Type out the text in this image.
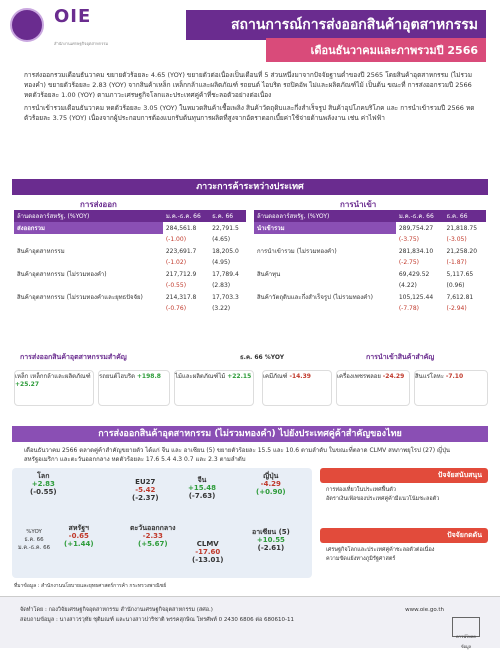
OIE
สำนักงานเศรษฐกิจอุตสาหกรรม
สถานการณ์การส่งออกสินค้าอุตสาหกรรม
เดือนธันวาคมและภาพรวมปี 2566

การส่งออกรวมเดือนธันวาคม ขยายตัวร้อยละ 4.65 (YOY) ขยายตัวต่อเนื่องเป็นเดือนที่ 5 ส่วนหนึ่งมาจากปัจจัยฐานต่ำของปี 2565 โดยสินค้าอุตสาหกรรม (ไม่รวมทองคำ) ขยายตัวร้อยละ 2.83 (YOY) จากสินค้าเหล็ก เหล็กกล้าและผลิตภัณฑ์ รถยนต์ ไอบริด รถปิคอัพ ไม่และผลิตภัณฑ์ไม้ เป็นต้น ขณะที่ การส่งออกรวมปี 2566 หดตัวร้อยละ 1.00 (YOY) ตามภาวะเศรษฐกิจโลกและประเทศคู่ค้าที่ชะลอตัวอย่างต่อเนื่อง

การนำเข้ารวมเดือนธันวาคม หดตัวร้อยละ 3.05 (YOY) ในหมวดสินค้าเชื้อเพลิง สินค้าวัตถุดิบและกึ่งสำเร็จรูป สินค้าอุปโภคบริโภค และ การนำเข้ารวมปี 2566 หดตัวร้อยละ 3.75 (YOY) เนื่องจากผู้ประกอบการต้องแบกรับต้นทุนการผลิตที่สูงจากอัตราดอกเบี้ยค่าใช้จ่ายด้านพลังงาน เช่น ค่าไฟฟ้า

ภาวะการค้าระหว่างประเทศ
การส่งออก
ล้านดอลลาร์สหรัฐ, (%YOY)	ม.ค.-ธ.ค. 66	ธ.ค. 66
ส่งออกรวม	284,561.8	22,791.5
	(-1.00)	(4.65)
สินค้าอุตสาหกรรม	223,691.7	18,205.0
	(-1.02)	(4.95)
สินค้าอุตสาหกรรม (ไม่รวมทองคำ)	217,712.9	17,789.4
	(-0.55)	(2.83)
สินค้าอุตสาหกรรม (ไม่รวมทองคำและยุทธปัจจัย)	214,317.8	17,703.3
	(-0.76)	(3.22)
การนำเข้า
ล้านดอลลาร์สหรัฐ, (%YOY)	ม.ค.-ธ.ค. 66	ธ.ค. 66
นำเข้ารวม	289,754.27	21,818.75
	(-3.75)	(-3.05)
การนำเข้ารวม (ไม่รวมทองคำ)	281,834.10	21,258.20
	(-2.75)	(-1.87)
สินค้าทุน	69,429.52	5,117.65
	(4.22)	(0.96)
สินค้าวัตถุดิบและกึ่งสำเร็จรูป (ไม่รวมทองคำ)	105,125.44	7,612.81
	(-7.78)	(-2.94)
การส่งออกสินค้าอุตสาหกรรมสำคัญ	ธ.ค. 66 %YOY	การนำเข้าสินค้าสำคัญ
เหล็ก เหล็กกล้าและผลิตภัณฑ์ +25.27
รถยนต์ไฮบริด +198.8	ไม้และผลิตภัณฑ์ไม้ +22.15	เคมีภัณฑ์ -14.39	เครื่องเพชรพลอย -24.29	สินแร่โลหะ -7.10
การส่งออกสินค้าอุตสาหกรรม (ไม่รวมทองคำ) ไปยังประเทศคู่ค้าสำคัญของไทย
เดือนธันวาคม 2566 ตลาดคู่ค้าสำคัญขยายตัว ได้แก่ จีน และ อาเซียน (5) ขยายตัวร้อยละ 15.5 และ 10.6 ตามลำดับ ในขณะที่ตลาด CLMV สหภาพยุโรป (27) ญี่ปุ่น สหรัฐอเมริกา และตะวันออกกลาง หดตัวร้อยละ 17.6 5.4 4.3 0.7 และ 2.3 ตามลำดับ
โลก
+2.83
(-0.55)
EU27
-5.42
(-2.37)
จีน
+15.48
(-7.63)
ญี่ปุ่น
-4.29
(+0.90)
สหรัฐฯ
-0.65
(+1.44)
ตะวันออกกลาง
-2.33
(+5.67)	CLMV
-17.60
(-13.01)
อาเซียน (5)
+10.55
(-2.61)
%YOY
ธ.ค. 66
ม.ค.-ธ.ค. 66
ที่มาข้อมูล : สำนักงานนโยบายและยุทธศาสตร์การค้า กระทรวงพาณิชย์
ปัจจัยสนับสนุน
การท่องเที่ยวในประเทศฟื้นตัว
อัตราเงินเฟ้อของประเทศคู่ค้ามีแนวโน้มชะลอตัว
ปัจจัยกดดัน
เศรษฐกิจโลกและประเทศคู่ค้าชะลอตัวต่อเนื่อง
ความขัดแย้งทางภูมิรัฐศาสตร์
จัดทำโดย : กองวิจัยเศรษฐกิจอุตสาหกรรม สำนักงานเศรษฐกิจอุตสาหกรรม (สศอ.)
สอบถามข้อมูล : นางสาวรวุทัย ชุติมณฑ์ และนางสาวปาริชาติ พรรคสุกษิณ โทรศัพท์ 0 2430 6806 ต่อ 680610-11
www.oie.go.th
ดาวน์โหลดข้อมูล
